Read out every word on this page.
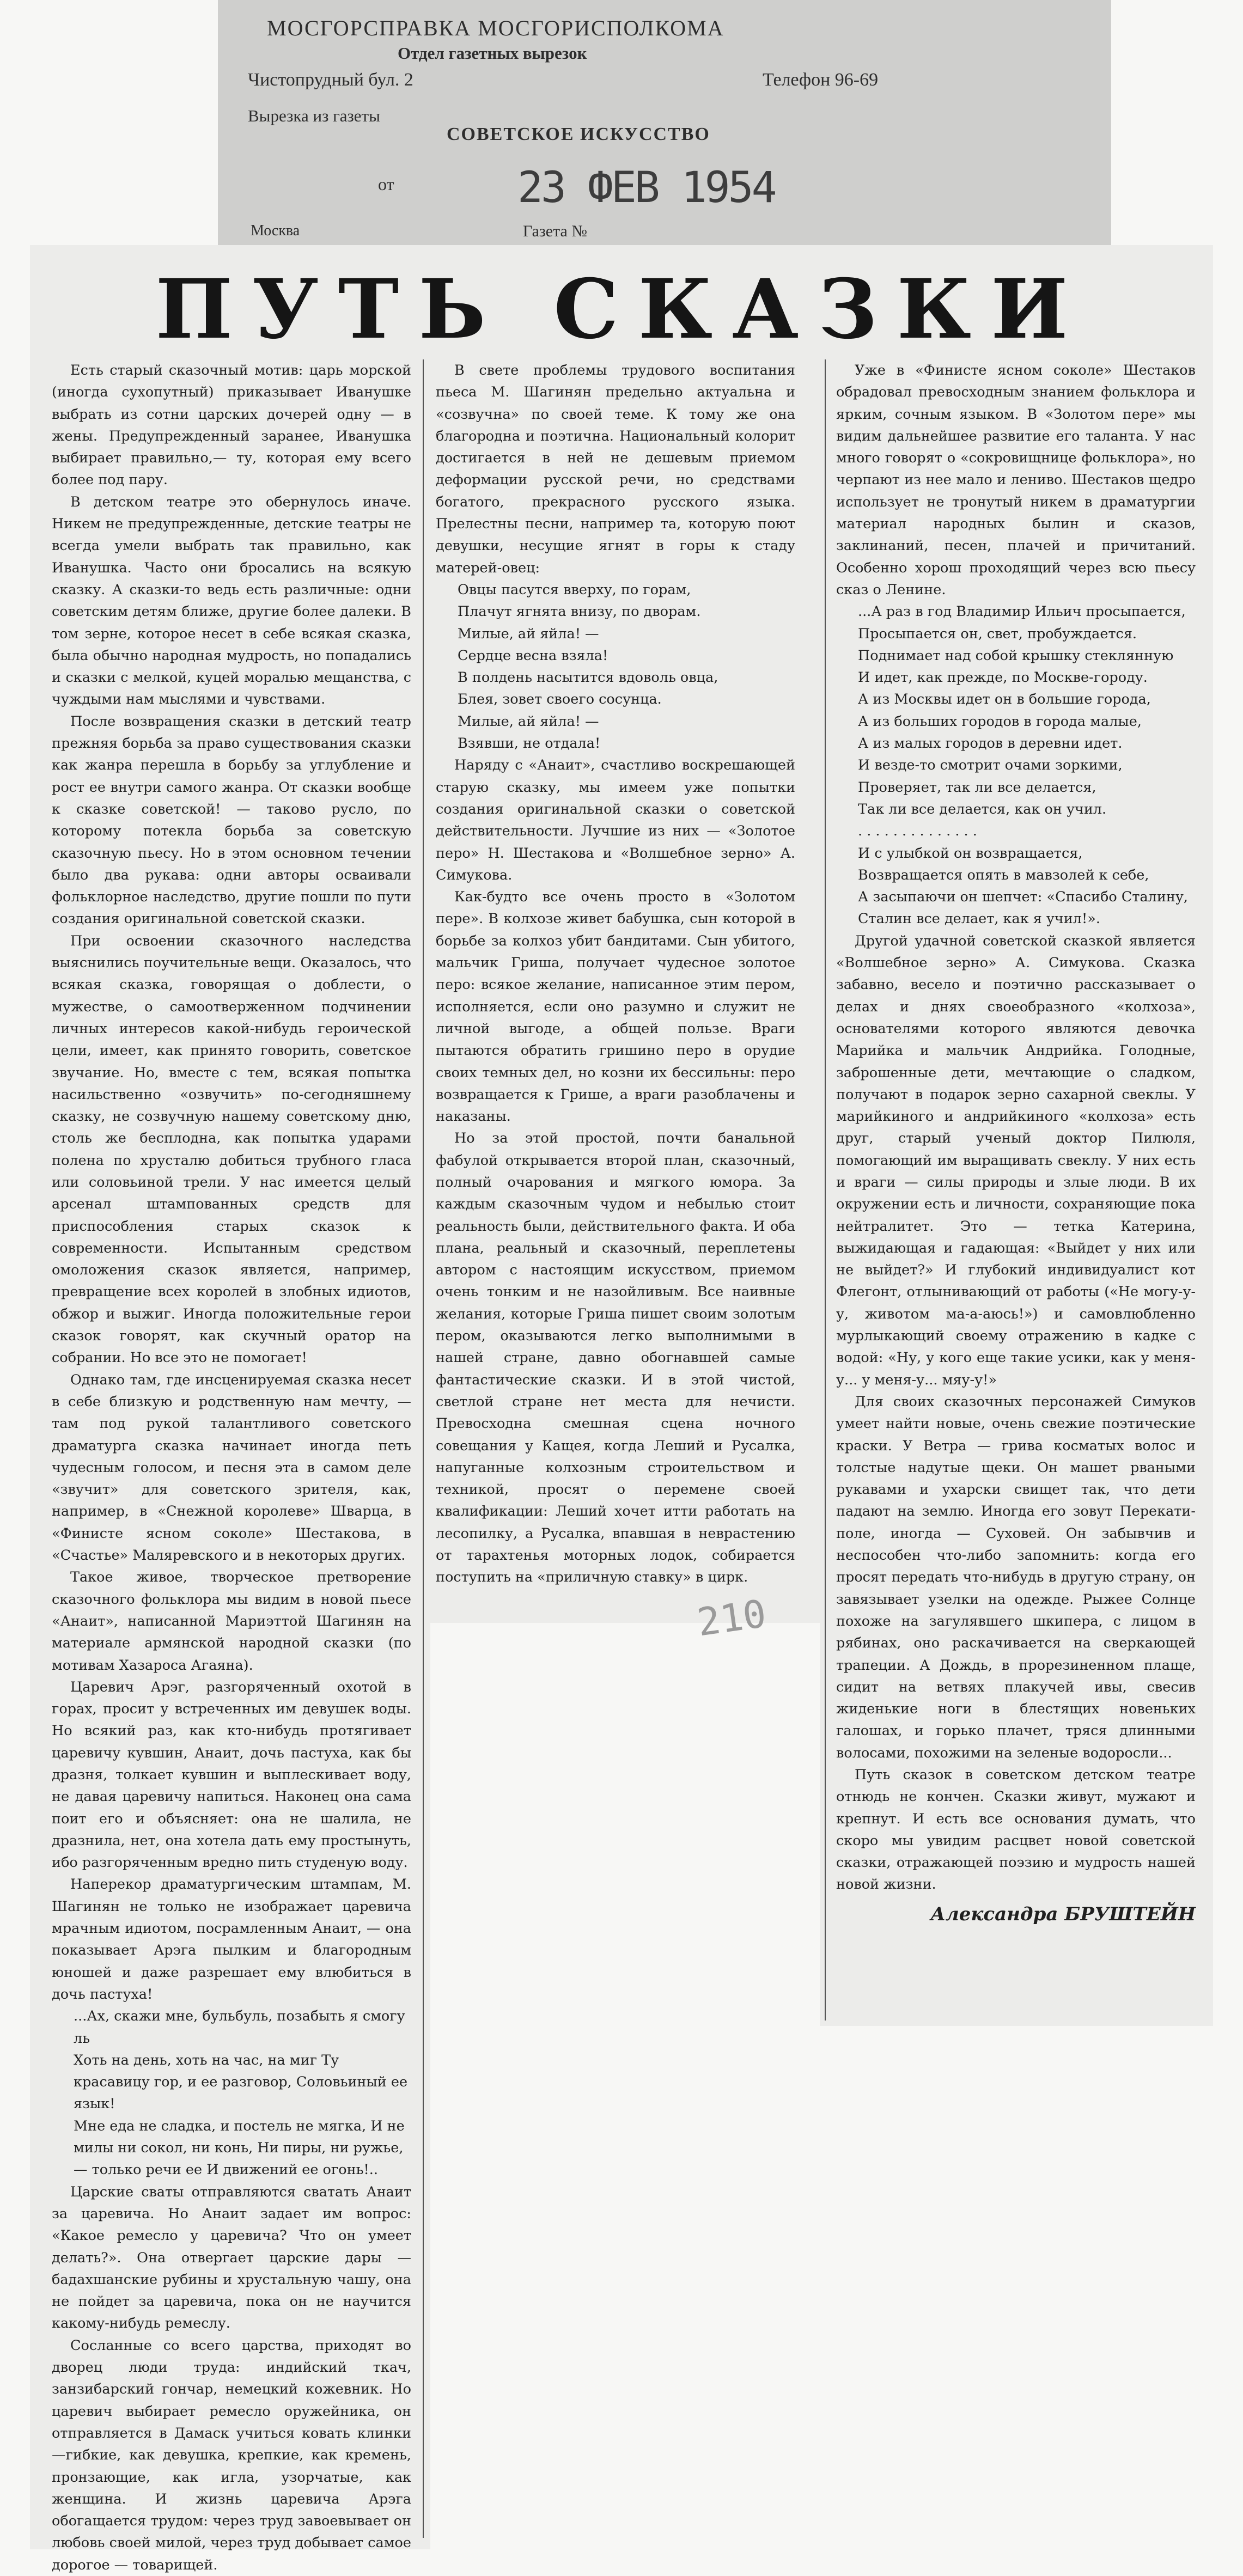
МОСГОРСПРАВКА МОСГОРИСПОЛКОМА
Отдел газетных вырезок
Чистопрудный бул. 2	Телефон 96-69
Вырезка из газеты
СОВЕТСКОЕ ИСКУССТВО
от
Москва	Газета №
23 ФЕВ 1954
ПУТЬ СКАЗКИ

Есть старый сказочный мотив: царь морской (иногда сухопутный) приказывает Иванушке выбрать из сотни царских дочерей одну — в жены. Предупрежденный заранее, Иванушка выбирает правильно,— ту, которая ему всего более под пару.

В детском театре это обернулось иначе. Никем не предупрежденные, детские театры не всегда умели выбрать так правильно, как Иванушка. Часто они бросались на всякую сказку. А сказки-то ведь есть различные: одни советским детям ближе, другие более далеки. В том зерне, которое несет в себе всякая сказка, была обычно народная мудрость, но попадались и сказки с мелкой, куцей моралью мещанства, с чуждыми нам мыслями и чувствами.

После возвращения сказки в детский театр прежняя борьба за право существования сказки как жанра перешла в борьбу за углубление и рост ее внутри самого жанра. От сказки вообще к сказке советской! — таково русло, по которому потекла борьба за советскую сказочную пьесу. Но в этом основном течении было два рукава: одни авторы осваивали фольклорное наследство, другие пошли по пути создания оригинальной советской сказки.

При освоении сказочного наследства выяснились поучительные вещи. Оказалось, что всякая сказка, говорящая о доблести, о мужестве, о самоотверженном подчинении личных интересов какой-нибудь героической цели, имеет, как принято говорить, советское звучание. Но, вместе с тем, всякая попытка насильственно «озвучить» по-сегодняшнему сказку, не созвучную нашему советскому дню, столь же бесплодна, как попытка ударами полена по хрусталю добиться трубного гласа или соловьиной трели. У нас имеется целый арсенал штампованных средств для приспособления старых сказок к современности. Испытанным средством омоложения сказок является, например, превращение всех королей в злобных идиотов, обжор и выжиг. Иногда положительные герои сказок говорят, как скучный оратор на собрании. Но все это не помогает!

Однако там, где инсценируемая сказка несет в себе близкую и родственную нам мечту, — там под рукой талантливого советского драматурга сказка начинает иногда петь чудесным голосом, и песня эта в самом деле «звучит» для советского зрителя, как, например, в «Снежной королеве» Шварца, в «Финисте ясном соколе» Шестакова, в «Счастье» Маляревского и в некоторых других.

Такое живое, творческое претворение сказочного фольклора мы видим в новой пьесе «Анаит», написанной Мариэттой Шагинян на материале армянской народной сказки (по мотивам Хазароса Агаяна).

Царевич Арэг, разгоряченный охотой в горах, просит у встреченных им девушек воды. Но всякий раз, как кто-нибудь протягивает царевичу кувшин, Анаит, дочь пастуха, как бы дразня, толкает кувшин и выплескивает воду, не давая царевичу напиться. Наконец она сама поит его и объясняет: она не шалила, не дразнила, нет, она хотела дать ему простынуть, ибо разгоряченным вредно пить студеную воду.

Наперекор драматургическим штампам, М. Шагинян не только не изображает царевича мрачным идиотом, посрамленным Анаит, — она показывает Арэга пылким и благородным юношей и даже разрешает ему влюбиться в дочь пастуха!

...Ах, скажи мне, бульбуль, позабыть я смогу ль

Хоть на день, хоть на час, на миг Ту красавицу гор, и ее разговор, Соловьиный ее язык!

Мне еда не сладка, и постель не мягка, И не милы ни сокол, ни конь, Ни пиры, ни ружье, — только речи ее И движений ее огонь!..

Царские сваты отправляются сватать Анаит за царевича. Но Анаит задает им вопрос: «Какое ремесло у царевича? Что он умеет делать?». Она отвергает царские дары — бадахшанские рубины и хрустальную чашу, она не пойдет за царевича, пока он не научится какому-нибудь ремеслу.

Сосланные со всего царства, приходят во дворец люди труда: индийский ткач, занзибарский гончар, немецкий кожевник. Но царевич выбирает ремесло оружейника, он отправляется в Дамаск учиться ковать клинки—гибкие, как девушка, крепкие, как кремень, пронзающие, как игла, узорчатые, как женщина. И жизнь царевича Арэга обогащается трудом: через труд завоевывает он любовь своей милой, через труд добывает самое дорогое — товарищей.

В свете проблемы трудового воспитания пьеса М. Шагинян предельно актуальна и «созвучна» по своей теме. К тому же она благородна и поэтична. Национальный колорит достигается в ней не дешевым приемом деформации русской речи, но средствами богатого, прекрасного русского языка. Прелестны песни, например та, которую поют девушки, несущие ягнят в горы к стаду матерей-овец:

Овцы пасутся вверху, по горам,

Плачут ягнята внизу, по дворам.

Милые, ай яйла! —

Сердце весна взяла!

В полдень насытится вдоволь овца,

Блея, зовет своего сосунца.

Милые, ай яйла! —

Взявши, не отдала!

Наряду с «Анаит», счастливо воскрешающей старую сказку, мы имеем уже попытки создания оригинальной сказки о советской действительности. Лучшие из них — «Золотое перо» Н. Шестакова и «Волшебное зерно» А. Симукова.

Как-будто все очень просто в «Золотом пере». В колхозе живет бабушка, сын которой в борьбе за колхоз убит бандитами. Сын убитого, мальчик Гриша, получает чудесное золотое перо: всякое желание, написанное этим пером, исполняется, если оно разумно и служит не личной выгоде, а общей пользе. Враги пытаются обратить гришино перо в орудие своих темных дел, но козни их бессильны: перо возвращается к Грише, а враги разоблачены и наказаны.

Но за этой простой, почти банальной фабулой открывается второй план, сказочный, полный очарования и мягкого юмора. За каждым сказочным чудом и небылью стоит реальность были, действительного факта. И оба плана, реальный и сказочный, переплетены автором с настоящим искусством, приемом очень тонким и не назойливым. Все наивные желания, которые Гриша пишет своим золотым пером, оказываются легко выполнимыми в нашей стране, давно обогнавшей самые фантастические сказки. И в этой чистой, светлой стране нет места для нечисти. Превосходна смешная сцена ночного совещания у Кащея, когда Леший и Русалка, напуганные колхозным строительством и техникой, просят о перемене своей квалификации: Леший хочет итти работать на лесопилку, а Русалка, впавшая в неврастению от тарахтенья моторных лодок, собирается поступить на «приличную ставку» в цирк.

Уже в «Финисте ясном соколе» Шестаков обрадовал превосходным знанием фольклора и ярким, сочным языком. В «Золотом пере» мы видим дальнейшее развитие его таланта. У нас много говорят о «сокровищнице фольклора», но черпают из нее мало и лениво. Шестаков щедро использует не тронутый никем в драматургии материал народных былин и сказов, заклинаний, песен, плачей и причитаний. Особенно хорош проходящий через всю пьесу сказ о Ленине.

...А раз в год Владимир Ильич просыпается,

Просыпается он, свет, пробуждается.

Поднимает над собой крышку стеклянную

И идет, как прежде, по Москве-городу.

А из Москвы идет он в большие города,

А из больших городов в города малые,

А из малых городов в деревни идет.

И везде-то смотрит очами зоркими,

Проверяет, так ли все делается,

Так ли все делается, как он учил.

. . . . . . . . . . . . . .

И с улыбкой он возвращается,

Возвращается опять в мавзолей к себе,

А засыпаючи он шепчет: «Спасибо Сталину,

Сталин все делает, как я учил!».

Другой удачной советской сказкой является «Волшебное зерно» А. Симукова. Сказка забавно, весело и поэтично рассказывает о делах и днях своеобразного «колхоза», основателями которого являются девочка Марийка и мальчик Андрийка. Голодные, заброшенные дети, мечтающие о сладком, получают в подарок зерно сахарной свеклы. У марийкиного и андрийкиного «колхоза» есть друг, старый ученый доктор Пилюля, помогающий им выращивать свеклу. У них есть и враги — силы природы и злые люди. В их окружении есть и личности, сохраняющие пока нейтралитет. Это — тетка Катерина, выжидающая и гадающая: «Выйдет у них или не выйдет?» И глубокий индивидуалист кот Флегонт, отлынивающий от работы («Не могу-у-у, животом ма-а-аюсь!») и самовлюбленно мурлыкающий своему отражению в кадке с водой: «Ну, у кого еще такие усики, как у меня-у... у меня-у... мяу-у!»

Для своих сказочных персонажей Симуков умеет найти новые, очень свежие поэтические краски. У Ветра — грива косматых волос и толстые надутые щеки. Он машет рваными рукавами и ухарски свищет так, что дети падают на землю. Иногда его зовут Перекати-поле, иногда — Суховей. Он забывчив и неспособен что-либо запомнить: когда его просят передать что-нибудь в другую страну, он завязывает узелки на одежде. Рыжее Солнце похоже на загулявшего шкипера, с лицом в рябинах, оно раскачивается на сверкающей трапеции. А Дождь, в прорезиненном плаще, сидит на ветвях плакучей ивы, свесив жиденькие ноги в блестящих новеньких галошах, и горько плачет, тряся длинными волосами, похожими на зеленые водоросли...

Путь сказок в советском детском театре отнюдь не кончен. Сказки живут, мужают и крепнут. И есть все основания думать, что скоро мы увидим расцвет новой советской сказки, отражающей поэзию и мудрость нашей новой жизни.

Александра БРУШТЕЙН

210
